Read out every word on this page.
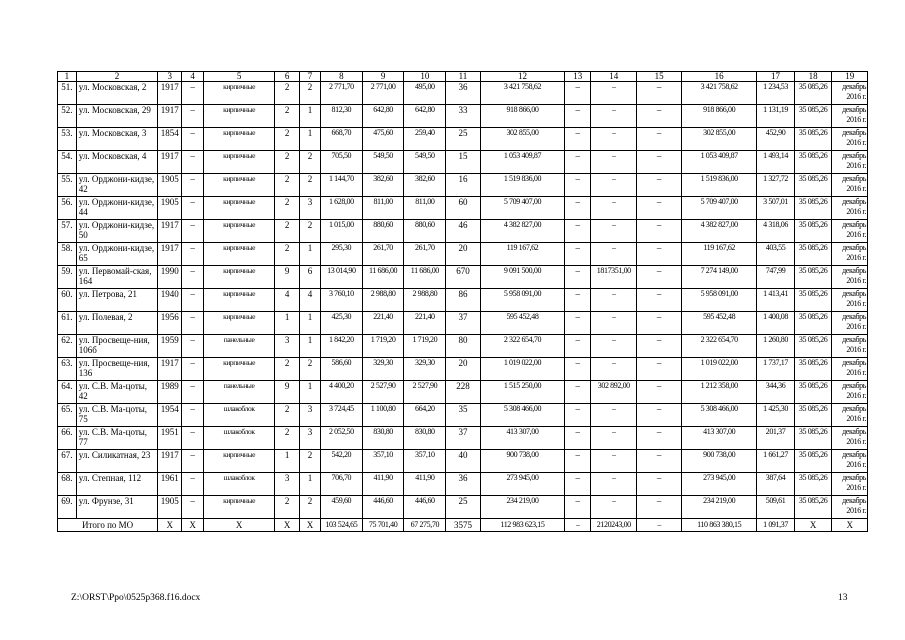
1	2	3	4	5	6	7	8	9	10	11	12	13	14	15	16	17	18	19
51.	ул. Московская, 2	1917	–	кирпичные	2	2	2 771,70	2 771,00	495,00	36	3 421 758,62	–	–	–	3 421 758,62	1 234,53	35 085,26	декабрь 2016 г.
52.	ул. Московская, 29	1917	–	кирпичные	2	1	812,30	642,80	642,80	33	918 866,00	–	–	–	918 866,00	1 131,19	35 085,26	декабрь 2016 г.
53.	ул. Московская, 3	1854	–	кирпичные	2	1	668,70	475,60	259,40	25	302 855,00	–	–	–	302 855,00	452,90	35 085,26	декабрь 2016 г.
54.	ул. Московская, 4	1917	–	кирпичные	2	2	705,50	549,50	549,50	15	1 053 409,87	–	–	–	1 053 409,87	1 493,14	35 085,26	декабрь 2016 г.
55.	ул. Орджони-кидзе, 42	1905	–	кирпичные	2	2	1 144,70	382,60	382,60	16	1 519 836,00	–	–	–	1 519 836,00	1 327,72	35 085,26	декабрь 2016 г.
56.	ул. Орджони-кидзе, 44	1905	–	кирпичные	2	3	1 628,00	811,00	811,00	60	5 709 407,00	–	–	–	5 709 407,00	3 507,01	35 085,26	декабрь 2016 г.
57.	ул. Орджони-кидзе, 50	1917	–	кирпичные	2	2	1 015,00	880,60	880,60	46	4 382 827,00	–	–	–	4 382 827,00	4 318,06	35 085,26	декабрь 2016 г.
58.	ул. Орджони-кидзе, 65	1917	–	кирпичные	2	1	295,30	261,70	261,70	20	119 167,62	–	–	–	119 167,62	403,55	35 085,26	декабрь 2016 г.
59.	ул. Первомай-ская, 164	1990	–	кирпичные	9	6	13 014,90	11 686,00	11 686,00	670	9 091 500,00	–	1817351,00	–	7 274 149,00	747,99	35 085,26	декабрь 2016 г.
60.	ул. Петрова, 21	1940	–	кирпичные	4	4	3 760,10	2 988,80	2 988,80	86	5 958 091,00	–	–	–	5 958 091,00	1 413,41	35 085,26	декабрь 2016 г.
61.	ул. Полевая, 2	1956	–	кирпичные	1	1	425,30	221,40	221,40	37	595 452,48	–	–	–	595 452,48	1 400,08	35 085,26	декабрь 2016 г.
62.	ул. Просвеще-ния, 106б	1959	–	панельные	3	1	1 842,20	1 719,20	1 719,20	80	2 322 654,70	–	–	–	2 322 654,70	1 260,80	35 085,26	декабрь 2016 г.
63.	ул. Просвеще-ния, 136	1917	–	кирпичные	2	2	586,60	329,30	329,30	20	1 019 022,00	–	–	–	1 019 022,00	1 737,17	35 085,26	декабрь 2016 г.
64.	ул. С.В. Ма-цоты, 42	1989	–	панельные	9	1	4 400,20	2 527,90	2 527,90	228	1 515 250,00	–	302 892,00	–	1 212 358,00	344,36	35 085,26	декабрь 2016 г.
65.	ул. С.В. Ма-цоты, 75	1954	–	шлакоблок	2	3	3 724,45	1 100,80	664,20	35	5 308 466,00	–	–	–	5 308 466,00	1 425,30	35 085,26	декабрь 2016 г.
66.	ул. С.В. Ма-цоты, 77	1951	–	шлакоблок	2	3	2 052,50	830,80	830,80	37	413 307,00	–	–	–	413 307,00	201,37	35 085,26	декабрь 2016 г.
67.	ул. Силикатная, 23	1917	–	кирпичные	1	2	542,20	357,10	357,10	40	900 738,00	–	–	–	900 738,00	1 661,27	35 085,26	декабрь 2016 г.
68.	ул. Степная, 112	1961	–	шлакоблок	3	1	706,70	411,90	411,90	36	273 945,00	–	–	–	273 945,00	387,64	35 085,26	декабрь 2016 г.
69.	ул. Фрунзе, 31	1905	–	кирпичные	2	2	459,60	446,60	446,60	25	234 219,00	–	–	–	234 219,00	509,61	35 085,26	декабрь 2016 г.
Итого по МО		X	X	X	X	X	103 524,65	75 701,40	67 275,70	3575	112 983 623,15	–	2120243,00	–	110 863 380,15	1 091,37	X	X
Z:\ORST\Ppo\0525p368.f16.docx	13
